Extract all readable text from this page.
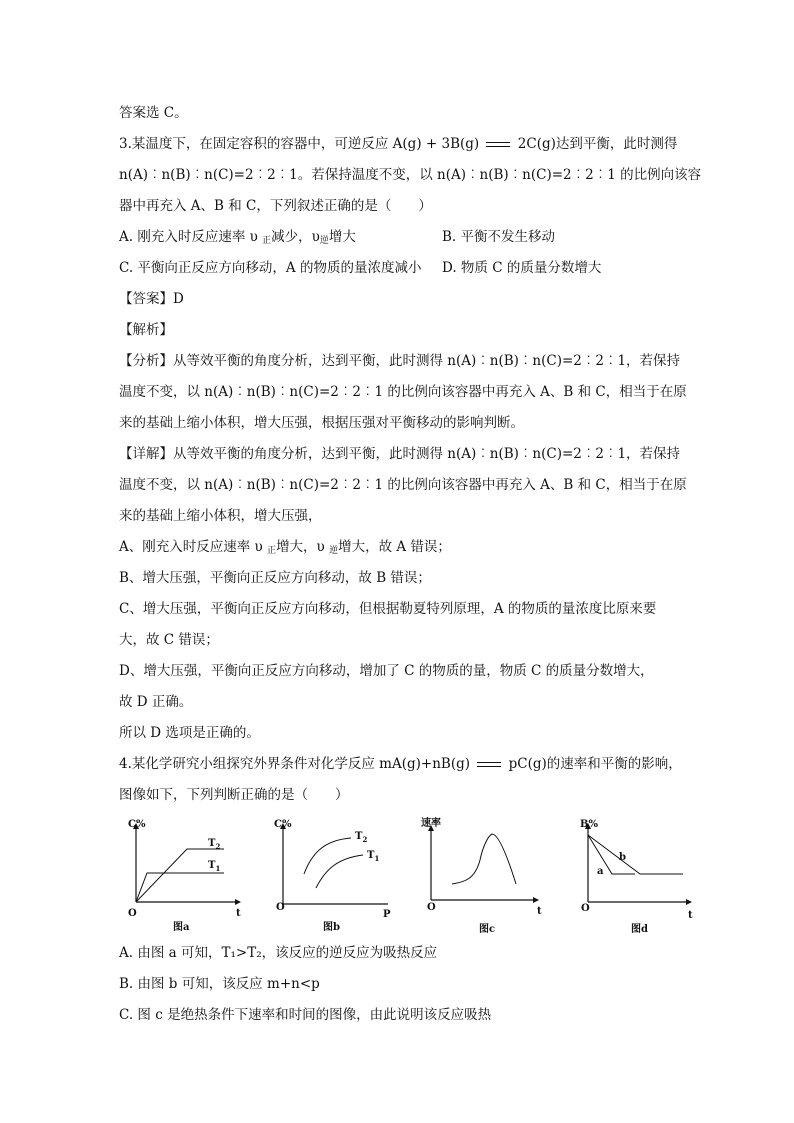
答案选 C。
3.某温度下，在固定容积的容器中，可逆反应 A(g) + 3B(g)	2C(g)达到平衡，此时测得
n(A)︰n(B)︰n(C)=2︰2︰1。若保持温度不变，以 n(A)︰n(B)︰n(C)=2︰2︰1 的比例向该容
器中再充入 A、B 和 C，下列叙述正确的是（　　）
A. 刚充入时反应速率 υ $_正$减少，$\upsilon_逆$增大	B. 平衡不发生移动
C. 平衡向正反应方向移动，A 的物质的量浓度减小 D. 物质 C 的质量分数增大
【答案】D
【解析】
【分析】从等效平衡的角度分析，达到平衡，此时测得 n(A)︰n(B)︰n(C)=2︰2︰1，若保持
温度不变，以 n(A)︰n(B)︰n(C)=2︰2︰1 的比例向该容器中再充入 A、B 和 C，相当于在原
来的基础上缩小体积，增大压强，根据压强对平衡移动的影响判断。
【详解】从等效平衡的角度分析，达到平衡，此时测得 n(A)︰n(B)︰n(C)=2︰2︰1，若保持
温度不变，以 n(A)︰n(B)︰n(C)=2︰2︰1 的比例向该容器中再充入 A、B 和 C，相当于在原
来的基础上缩小体积，增大压强，
A、刚充入时反应速率 υ $_正$增大，υ $_逆$增大，故 A 错误；
B、增大压强，平衡向正反应方向移动，故 B 错误；
C、增大压强，平衡向正反应方向移动，但根据勒夏特列原理，A 的物质的量浓度比原来要
大，故 C 错误；
D、增大压强，平衡向正反应方向移动，增加了 C 的物质的量，物质 C 的质量分数增大，
故 D 正确。
所以 D 选项是正确的。
4.某化学研究小组探究外界条件对化学反应 mA(g)+nB(g)	pC(g)的速率和平衡的影响，
图像如下，下列判断正确的是（　　）
C%
O	t
$T_2$
$T_1$
图a
C%
O
P
$T_2$
$T_1$
图b
速率
O	t
图c
B%
O
t
b
a
图d
A. 由图 a 可知，T₁>T₂，该反应的逆反应为吸热反应
B. 由图 b 可知，该反应 m+n<p
C. 图 c 是绝热条件下速率和时间的图像，由此说明该反应吸热
